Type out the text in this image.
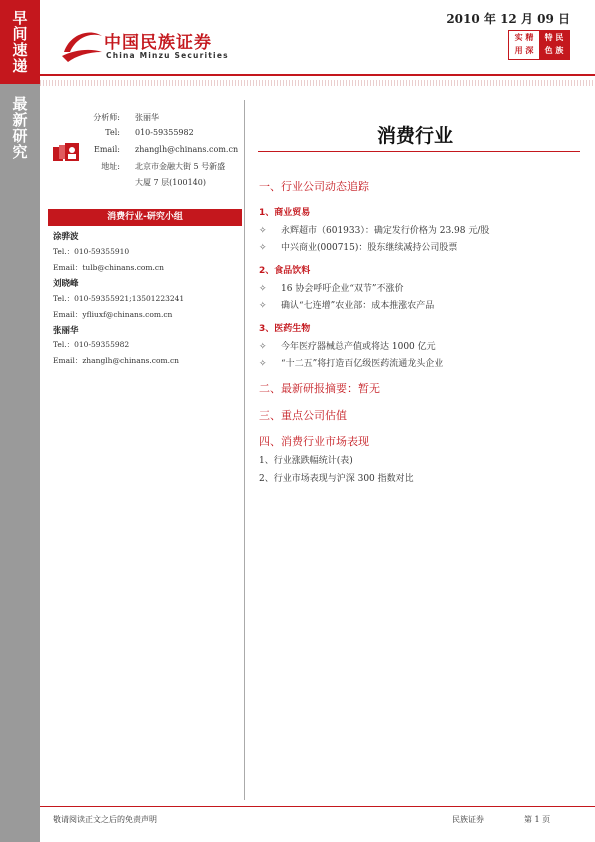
早
间
速
递
最
新
研
究
中国民族证券
China Minzu Securities
2010 年 12 月 09 日
实 精
用 深
特 民
色 族
分析师: 张丽华
Tel: 010-59355982
Email: zhanglh@chinans.com.cn
地址: 北京市金融大街 5 号新盛
大厦 7 层(100140)
消费行业-研究小组
涂骅波
Tel.：010-59355910
Email：tulb@chinans.com.cn
刘晓峰
Tel.：010-59355921;13501223241
Email：yfliuxf@chinans.com.cn
张丽华
Tel.：010-59355982
Email：zhanglh@chinans.com.cn
消费行业
一、行业公司动态追踪
1、商业贸易
✧ 永辉超市（601933）：确定发行价格为 23.98 元/股
✧ 中兴商业(000715)：股东继续减持公司股票
2、食品饮料
✧ 16 协会呼吁企业“双节”不涨价
✧ 确认“七连增”农业部：成本推涨农产品
3、医药生物
✧ 今年医疗器械总产值或将达 1000 亿元
✧ “十二五”将打造百亿级医药流通龙头企业
二、最新研报摘要：暂无
三、重点公司估值
四、消费行业市场表现
1、行业涨跌幅统计(表)
2、行业市场表现与沪深 300 指数对比
敬请阅读正文之后的免责声明	民族证券	第 1 页
